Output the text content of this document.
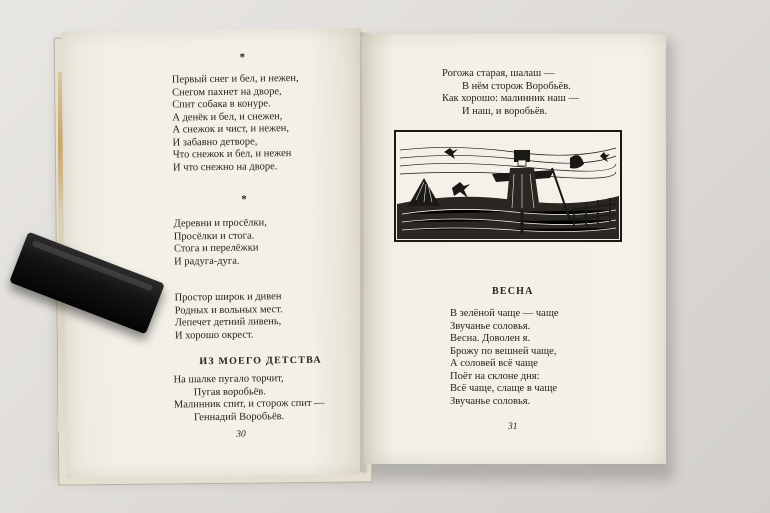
*
Первый снег и бел, и нежен,
Снегом пахнет на дворе,
Спит собака в конуре.
А денёк и бел, и снежен,
А снежок и чист, и нежен,
И забавно детворе,
Что снежок и бел, и нежен
И что снежно на дворе.
*
Деревни и просёлки,
Просёлки и стога.
Стога и перелёжки
И радуга-дуга.
Простор широк и дивен
Родных и вольных мест.
Лепечет детний ливень,
И хорошо окрест.
ИЗ МОЕГО ДЕТСТВА
На шалке пугало торчит,
Пугая воробьёв.
Малинник спит, и сторож спит —
Геннадий Воробьёв.
30
Рогожа старая, шалаш —
В нём сторож Воробьёв.
Как хорошо: малинник наш —
И наш, и воробьёв.
ВЕСНА
В зелёной чаще — чаще
Звучанье соловья.
Весна. Доволен я.
Брожу по вешней чаще,
А соловей всё чаще
Поёт на склоне дня:
Всё чаще, слаще в чаще
Звучанье соловья.
31
